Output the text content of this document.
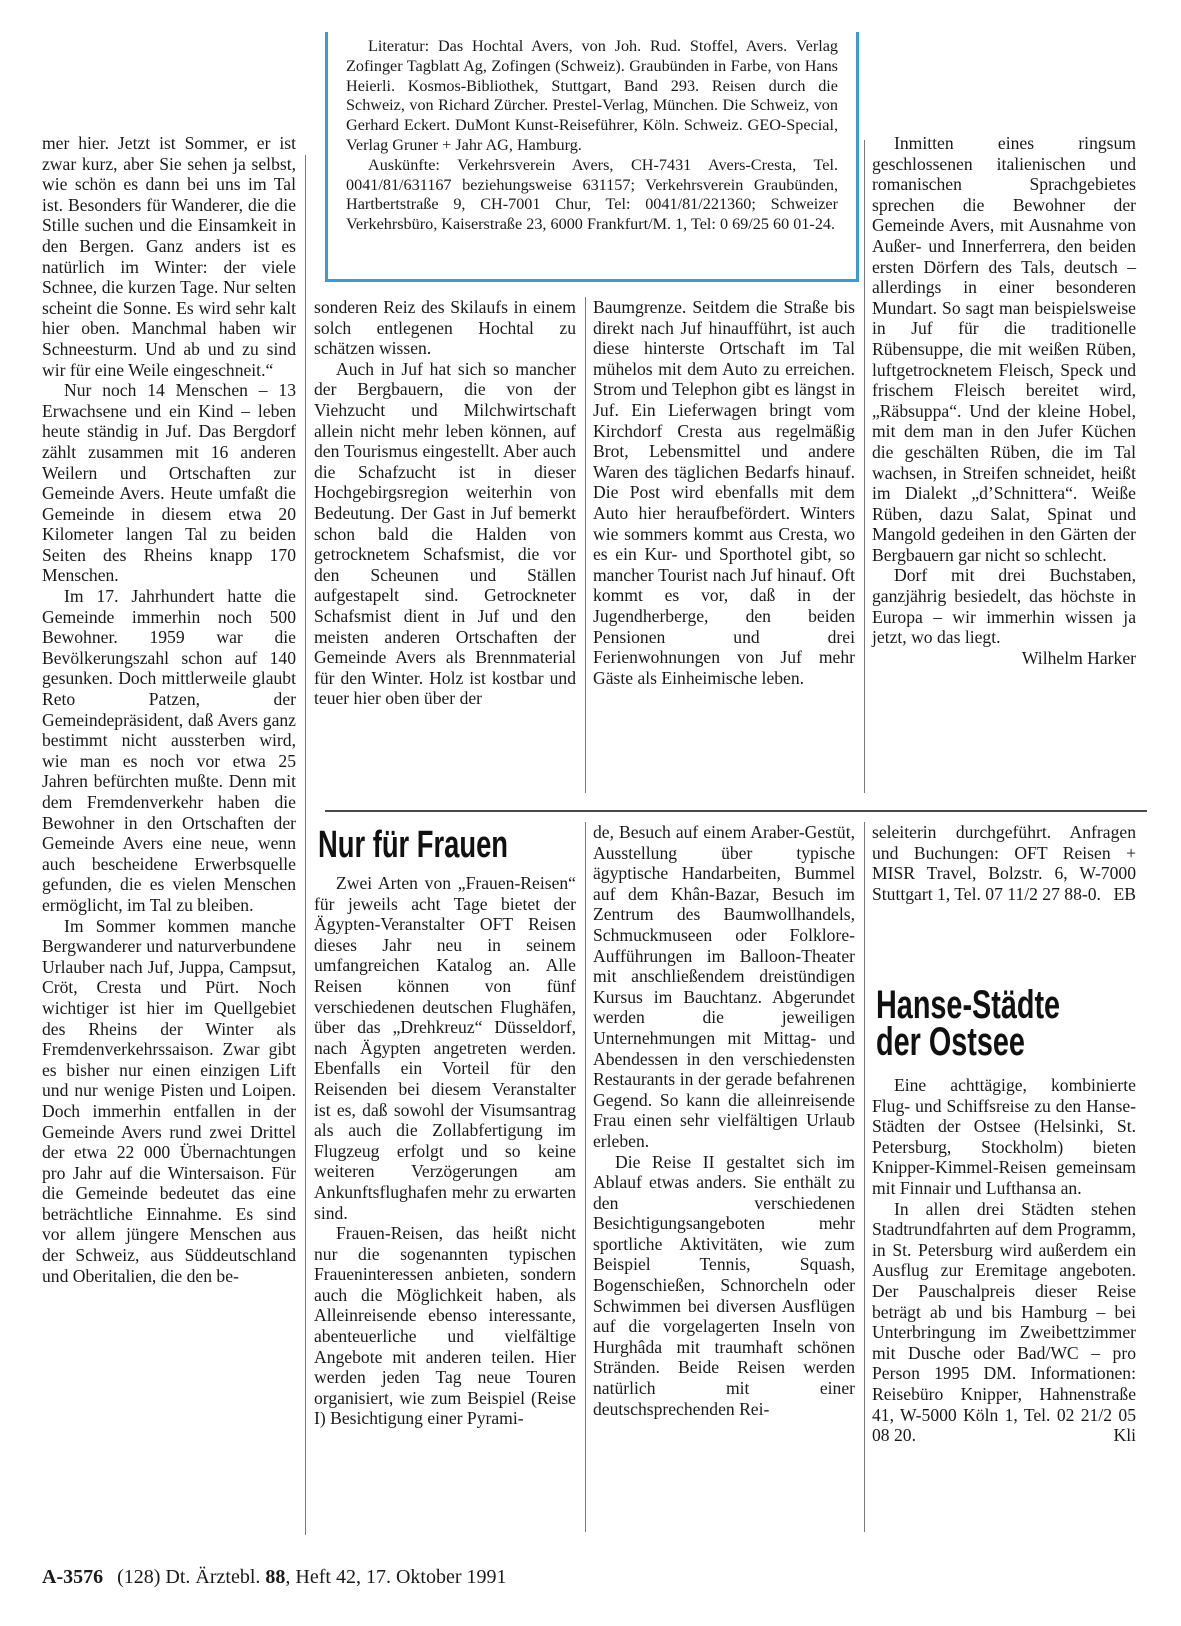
Literatur: Das Hochtal Avers, von Joh. Rud. Stoffel, Avers. Verlag Zofinger Tagblatt Ag, Zofingen (Schweiz). Graubünden in Farbe, von Hans Heierli. Kosmos-Bibliothek, Stuttgart, Band 293. Reisen durch die Schweiz, von Richard Zürcher. Prestel-Verlag, München. Die Schweiz, von Gerhard Eckert. DuMont Kunst-Reiseführer, Köln. Schweiz. GEO-Special, Verlag Gruner + Jahr AG, Hamburg.

Auskünfte: Verkehrsverein Avers, CH-7431 Avers-Cresta, Tel. 0041/81/631167 beziehungsweise 631157; Verkehrsverein Graubünden, Hartbertstraße 9, CH-7001 Chur, Tel: 0041/81/221360; Schweizer Verkehrsbüro, Kaiserstraße 23, 6000 Frankfurt/M. 1, Tel: 0 69/25 60 01-24.

mer hier. Jetzt ist Sommer, er ist zwar kurz, aber Sie sehen ja selbst, wie schön es dann bei uns im Tal ist. Besonders für Wanderer, die die Stille suchen und die Einsamkeit in den Bergen. Ganz anders ist es natürlich im Winter: der viele Schnee, die kurzen Tage. Nur selten scheint die Sonne. Es wird sehr kalt hier oben. Manchmal haben wir Schneesturm. Und ab und zu sind wir für eine Weile eingeschneit.“

Nur noch 14 Menschen – 13 Erwachsene und ein Kind – leben heute ständig in Juf. Das Bergdorf zählt zusammen mit 16 anderen Weilern und Ortschaften zur Gemeinde Avers. Heute umfaßt die Gemeinde in diesem etwa 20 Kilometer langen Tal zu beiden Seiten des Rheins knapp 170 Menschen.

Im 17. Jahrhundert hatte die Gemeinde immerhin noch 500 Bewohner. 1959 war die Bevölkerungszahl schon auf 140 gesunken. Doch mittlerweile glaubt Reto Patzen, der Gemeindepräsident, daß Avers ganz bestimmt nicht aussterben wird, wie man es noch vor etwa 25 Jahren befürchten mußte. Denn mit dem Fremdenverkehr haben die Bewohner in den Ortschaften der Gemeinde Avers eine neue, wenn auch bescheidene Erwerbsquelle gefunden, die es vielen Menschen ermöglicht, im Tal zu bleiben.

Im Sommer kommen manche Bergwanderer und naturverbundene Urlauber nach Juf, Juppa, Campsut, Cröt, Cresta und Pürt. Noch wichtiger ist hier im Quellgebiet des Rheins der Winter als Fremdenverkehrssaison. Zwar gibt es bisher nur einen einzigen Lift und nur wenige Pisten und Loipen. Doch immerhin entfallen in der Gemeinde Avers rund zwei Drittel der etwa 22 000 Übernachtungen pro Jahr auf die Wintersaison. Für die Gemeinde bedeutet das eine beträchtliche Einnahme. Es sind vor allem jüngere Menschen aus der Schweiz, aus Süddeutschland und Oberitalien, die den be-

sonderen Reiz des Skilaufs in einem solch entlegenen Hochtal zu schätzen wissen.

Auch in Juf hat sich so mancher der Bergbauern, die von der Viehzucht und Milchwirtschaft allein nicht mehr leben können, auf den Tourismus eingestellt. Aber auch die Schafzucht ist in dieser Hochgebirgsregion weiterhin von Bedeutung. Der Gast in Juf bemerkt schon bald die Halden von getrocknetem Schafsmist, die vor den Scheunen und Ställen aufgestapelt sind. Getrockneter Schafsmist dient in Juf und den meisten anderen Ortschaften der Gemeinde Avers als Brennmaterial für den Winter. Holz ist kostbar und teuer hier oben über der

Baumgrenze. Seitdem die Straße bis direkt nach Juf hinaufführt, ist auch diese hinterste Ortschaft im Tal mühelos mit dem Auto zu erreichen. Strom und Telephon gibt es längst in Juf. Ein Lieferwagen bringt vom Kirchdorf Cresta aus regelmäßig Brot, Lebensmittel und andere Waren des täglichen Bedarfs hinauf. Die Post wird ebenfalls mit dem Auto hier heraufbefördert. Winters wie sommers kommt aus Cresta, wo es ein Kur- und Sporthotel gibt, so mancher Tourist nach Juf hinauf. Oft kommt es vor, daß in der Jugendherberge, den beiden Pensionen und drei Ferienwohnungen von Juf mehr Gäste als Einheimische leben.

Inmitten eines ringsum geschlossenen italienischen und romanischen Sprachgebietes sprechen die Bewohner der Gemeinde Avers, mit Ausnahme von Außer- und Innerferrera, den beiden ersten Dörfern des Tals, deutsch – allerdings in einer besonderen Mundart. So sagt man beispielsweise in Juf für die traditionelle Rübensuppe, die mit weißen Rüben, luftgetrocknetem Fleisch, Speck und frischem Fleisch bereitet wird, „Räbsuppa“. Und der kleine Hobel, mit dem man in den Jufer Küchen die geschälten Rüben, die im Tal wachsen, in Streifen schneidet, heißt im Dialekt „d’Schnittera“. Weiße Rüben, dazu Salat, Spinat und Mangold gedeihen in den Gärten der Bergbauern gar nicht so schlecht.

Dorf mit drei Buchstaben, ganzjährig besiedelt, das höchste in Europa – wir immerhin wissen ja jetzt, wo das liegt.
Wilhelm Harker

Nur für Frauen

Zwei Arten von „Frauen-Reisen“ für jeweils acht Tage bietet der Ägypten-Veranstalter OFT Reisen dieses Jahr neu in seinem umfangreichen Katalog an. Alle Reisen können von fünf verschiedenen deutschen Flughäfen, über das „Drehkreuz“ Düsseldorf, nach Ägypten angetreten werden. Ebenfalls ein Vorteil für den Reisenden bei diesem Veranstalter ist es, daß sowohl der Visumsantrag als auch die Zollabfertigung im Flugzeug erfolgt und so keine weiteren Verzögerungen am Ankunftsflughafen mehr zu erwarten sind.

Frauen-Reisen, das heißt nicht nur die sogenannten typischen Fraueninteressen anbieten, sondern auch die Möglichkeit haben, als Alleinreisende ebenso interessante, abenteuerliche und vielfältige Angebote mit anderen teilen. Hier werden jeden Tag neue Touren organisiert, wie zum Beispiel (Reise I) Besichtigung einer Pyrami-

de, Besuch auf einem Araber-Gestüt, Ausstellung über typische ägyptische Handarbeiten, Bummel auf dem Khân-Bazar, Besuch im Zentrum des Baumwollhandels, Schmuckmuseen oder Folklore-Aufführungen im Balloon-Theater mit anschließendem dreistündigen Kursus im Bauchtanz. Abgerundet werden die jeweiligen Unternehmungen mit Mittag- und Abendessen in den verschiedensten Restaurants in der gerade befahrenen Gegend. So kann die alleinreisende Frau einen sehr vielfältigen Urlaub erleben.

Die Reise II gestaltet sich im Ablauf etwas anders. Sie enthält zu den verschiedenen Besichtigungsangeboten mehr sportliche Aktivitäten, wie zum Beispiel Tennis, Squash, Bogenschießen, Schnorcheln oder Schwimmen bei diversen Ausflügen auf die vorgelagerten Inseln von Hurghâda mit traumhaft schönen Stränden. Beide Reisen werden natürlich mit einer deutschsprechenden Rei-

seleiterin durchgeführt. Anfragen und Buchungen: OFT Reisen + MISR Travel, Bolzstr. 6, W-7000 Stuttgart 1, Tel. 07 11/2 27 88-0. EB

Hanse-Städte
der Ostsee

Eine achttägige, kombinierte Flug- und Schiffsreise zu den Hanse-Städten der Ostsee (Helsinki, St. Petersburg, Stockholm) bieten Knipper-Kimmel-Reisen gemeinsam mit Finnair und Lufthansa an.

In allen drei Städten stehen Stadtrundfahrten auf dem Programm, in St. Petersburg wird außerdem ein Ausflug zur Eremitage angeboten. Der Pauschalpreis dieser Reise beträgt ab und bis Hamburg – bei Unterbringung im Zweibettzimmer mit Dusche oder Bad/WC – pro Person 1995 DM. Informationen: Reisebüro Knipper, Hahnenstraße 41, W-5000 Köln 1, Tel. 02 21/2 05 08 20.	Kli

A-3576 (128) Dt. Ärztebl. 88, Heft 42, 17. Oktober 1991
